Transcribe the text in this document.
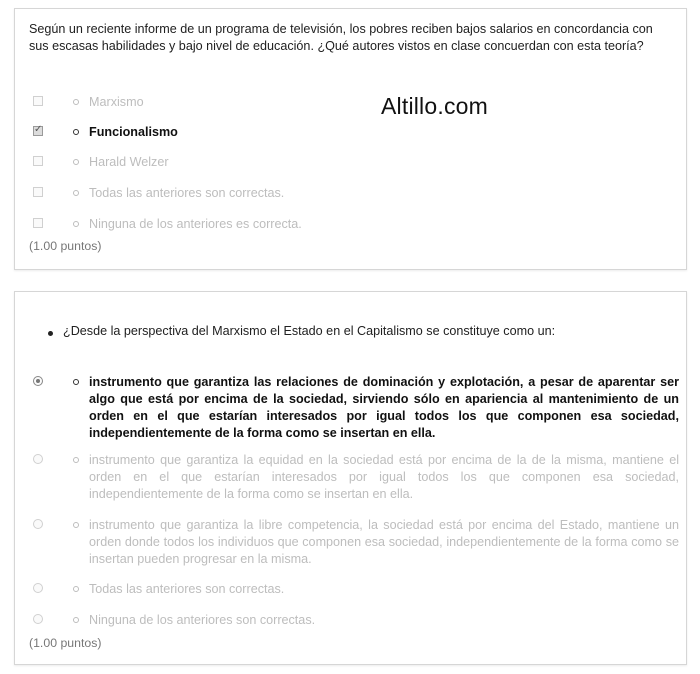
Según un reciente informe de un programa de televisión, los pobres reciben bajos salarios en concordancia con sus escasas habilidades y bajo nivel de educación. ¿Qué autores vistos en clase concuerdan con esta teoría?
Altillo.com
Marxismo
✓
Funcionalismo
Harald Welzer
Todas las anteriores son correctas.
Ninguna de los anteriores es correcta.
(1.00 puntos)
¿Desde la perspectiva del Marxismo el Estado en el Capitalismo se constituye como un:
instrumento que garantiza las relaciones de dominación y explotación, a pesar de aparentar ser algo que está por encima de la sociedad, sirviendo sólo en apariencia al mantenimiento de un orden en el que estarían interesados por igual todos los que componen esa sociedad, independientemente de la forma como se insertan en ella.
instrumento que garantiza la equidad en la sociedad está por encima de la de la misma, mantiene el orden en el que estarían interesados por igual todos los que componen esa sociedad, independientemente de la forma como se insertan en ella.
instrumento que garantiza la libre competencia, la sociedad está por encima del Estado, mantiene un orden donde todos los individuos que componen esa sociedad, independientemente de la forma como se insertan pueden progresar en la misma.
Todas las anteriores son correctas.
Ninguna de los anteriores son correctas.
(1.00 puntos)
